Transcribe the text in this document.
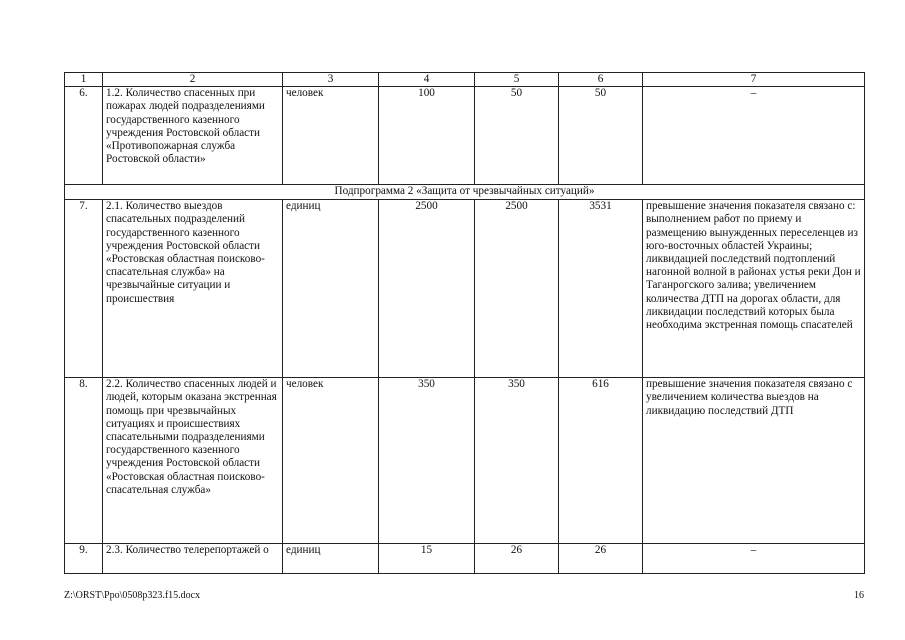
1	2	3	4	5	6	7
6.	1.2. Количество спасенных при пожарах людей подразделениями государственного казенного учреждения Ростовской области «Противопожарная служба Ростовской области»	человек	100	50	50	–
Подпрограмма 2 «Защита от чрезвычайных ситуаций»						
7.	2.1. Количество выездов спасательных подразделений государственного казенного учреждения Ростовской области «Ростовская областная поисково-спасательная служба» на чрезвычайные ситуации и происшествия	единиц	2500	2500	3531	превышение значения показателя связано с: выполнением работ по приему и размещению вынужденных переселенцев из юго-восточных областей Украины; ликвидацией последствий подтоплений нагонной волной в районах устья реки Дон и Таганрогского залива; увеличением количества ДТП на дорогах области, для ликвидации последствий которых была необходима экстренная помощь спасателей
8.	2.2. Количество спасенных людей и людей, которым оказана экстренная помощь при чрезвычайных ситуациях и происшествиях спасательными подразделениями государственного казенного учреждения Ростовской области «Ростовская областная поисково-спасательная служба»	человек	350	350	616	превышение значения показателя связано с увеличением количества выездов на ликвидацию последствий ДТП
9.	2.3. Количество телерепортажей о	единиц	15	26	26	–
Z:\ORST\Ppo\0508p323.f15.docx	16
